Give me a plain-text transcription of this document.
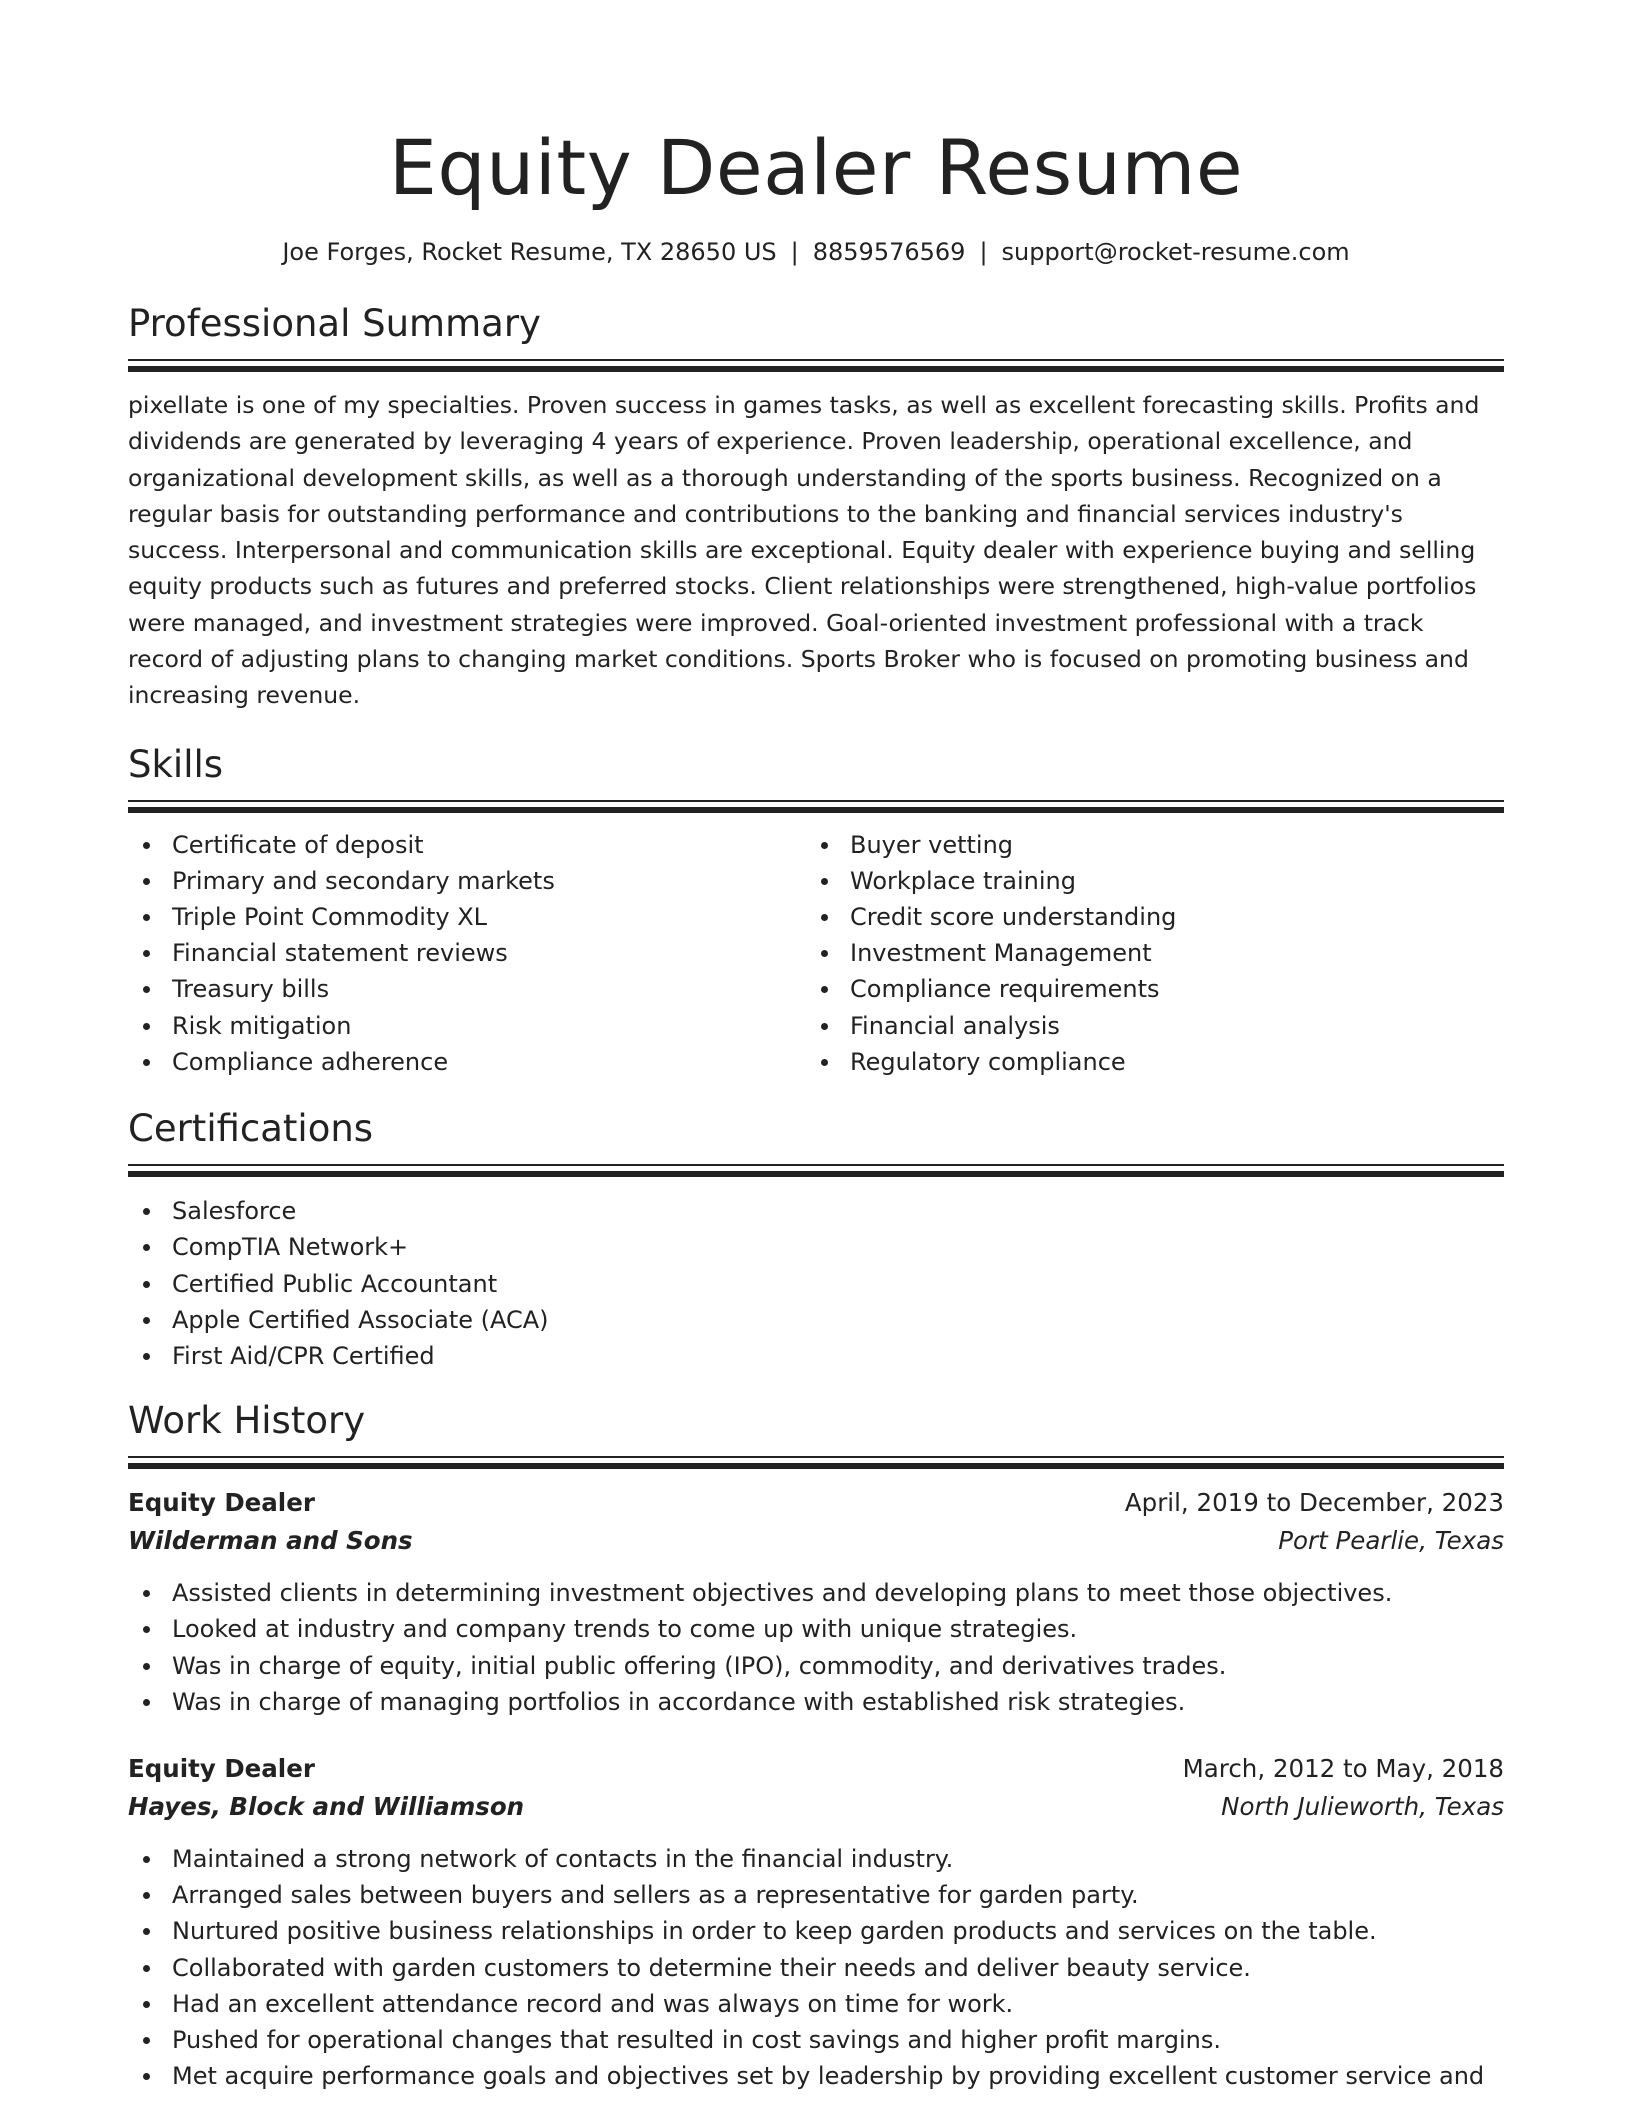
Equity Dealer Resume
Joe Forges, Rocket Resume, TX 28650 US | 8859576569 | support@rocket-resume.com
Professional Summary

pixellate is one of my specialties. Proven success in games tasks, as well as excellent forecasting skills. Profits and dividends are generated by leveraging 4 years of experience. Proven leadership, operational excellence, and organizational development skills, as well as a thorough understanding of the sports business. Recognized on a regular basis for outstanding performance and contributions to the banking and financial services industry's success. Interpersonal and communication skills are exceptional. Equity dealer with experience buying and selling equity products such as futures and preferred stocks. Client relationships were strengthened, high-value portfolios were managed, and investment strategies were improved. Goal-oriented investment professional with a track record of adjusting plans to changing market conditions. Sports Broker who is focused on promoting business and increasing revenue.

Skills
Certificate of deposit
Primary and secondary markets
Triple Point Commodity XL
Financial statement reviews
Treasury bills
Risk mitigation
Compliance adherence
Buyer vetting
Workplace training
Credit score understanding
Investment Management
Compliance requirements
Financial analysis
Regulatory compliance
Certifications
Salesforce
CompTIA Network+
Certified Public Accountant
Apple Certified Associate (ACA)
First Aid/CPR Certified
Work History
Equity Dealer	April, 2019 to December, 2023
Wilderman and Sons	Port Pearlie, Texas
Assisted clients in determining investment objectives and developing plans to meet those objectives.
Looked at industry and company trends to come up with unique strategies.
Was in charge of equity, initial public offering (IPO), commodity, and derivatives trades.
Was in charge of managing portfolios in accordance with established risk strategies.
Equity Dealer	March, 2012 to May, 2018
Hayes, Block and Williamson	North Julieworth, Texas
Maintained a strong network of contacts in the financial industry.
Arranged sales between buyers and sellers as a representative for garden party.
Nurtured positive business relationships in order to keep garden products and services on the table.
Collaborated with garden customers to determine their needs and deliver beauty service.
Had an excellent attendance record and was always on time for work.
Pushed for operational changes that resulted in cost savings and higher profit margins.
Met acquire performance goals and objectives set by leadership by providing excellent customer service and
